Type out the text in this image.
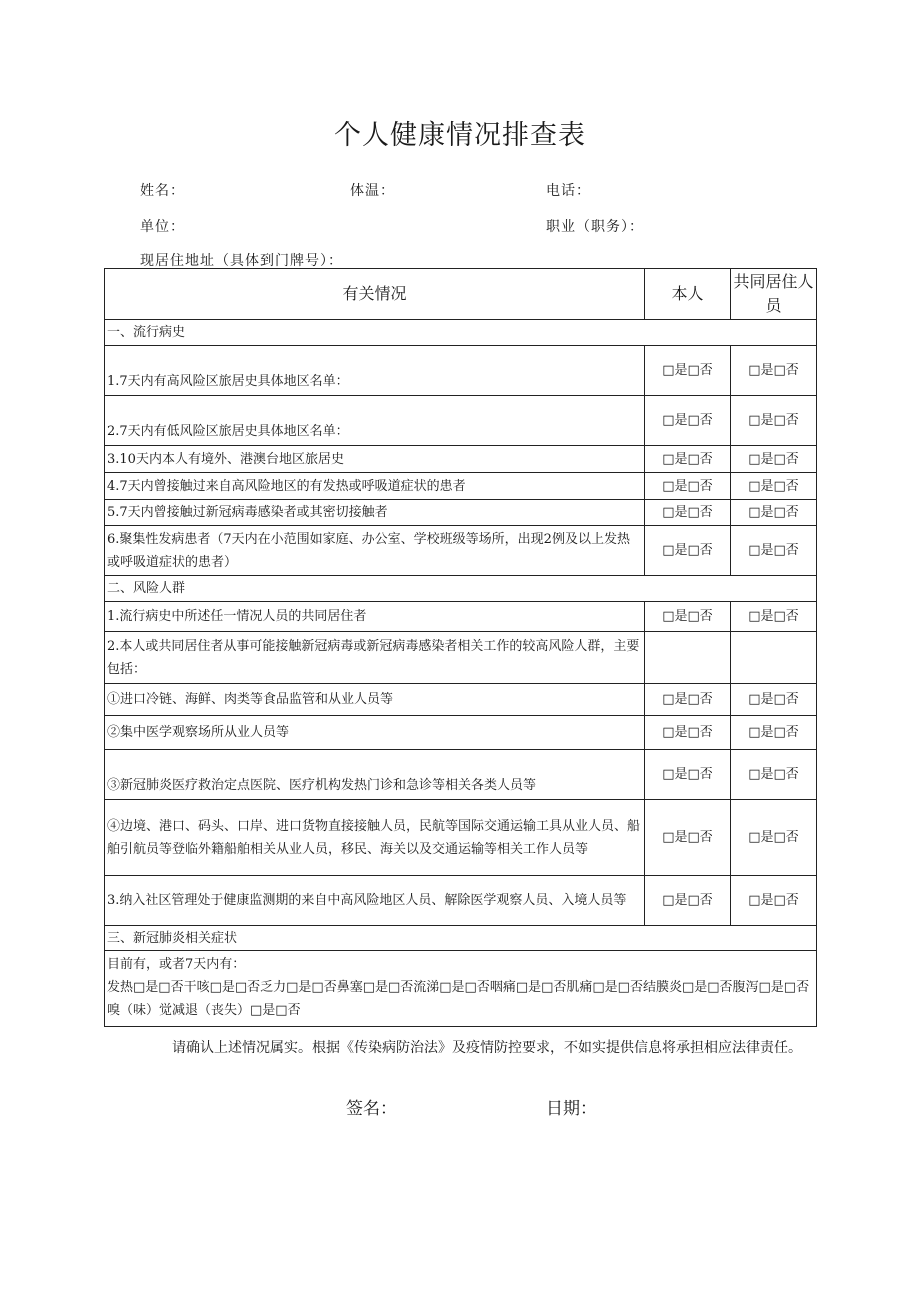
个人健康情况排查表
姓名：	体温：	电话：
单位：	职业（职务）：
现居住地址（具体到门牌号）：
有关情况	本人	共同居住人员
一、流行病史		
1.7天内有高风险区旅居史具体地区名单：	□是□否	□是□否
2.7天内有低风险区旅居史具体地区名单：	□是□否	□是□否
3.10天内本人有境外、港澳台地区旅居史	□是□否	□是□否
4.7天内曾接触过来自高风险地区的有发热或呼吸道症状的患者	□是□否	□是□否
5.7天内曾接触过新冠病毒感染者或其密切接触者	□是□否	□是□否
6.聚集性发病患者（7天内在小范围如家庭、办公室、学校班级等场所，出现2例及以上发热或呼吸道症状的患者）	□是□否	□是□否
二、风险人群		
1.流行病史中所述任一情况人员的共同居住者	□是□否	□是□否
2.本人或共同居住者从事可能接触新冠病毒或新冠病毒感染者相关工作的较高风险人群，主要包括：		
①进口冷链、海鲜、肉类等食品监管和从业人员等	□是□否	□是□否
②集中医学观察场所从业人员等	□是□否	□是□否
③新冠肺炎医疗救治定点医院、医疗机构发热门诊和急诊等相关各类人员等	□是□否	□是□否
④边境、港口、码头、口岸、进口货物直接接触人员，民航等国际交通运输工具从业人员、船舶引航员等登临外籍船舶相关从业人员，移民、海关以及交通运输等相关工作人员等	□是□否	□是□否
3.纳入社区管理处于健康监测期的来自中高风险地区人员、解除医学观察人员、入境人员等	□是□否	□是□否
三、新冠肺炎相关症状		

目前有，或者7天内有：
发热□是□否干咳□是□否乏力□是□否鼻塞□是□否流涕□是□否咽痛□是□否肌痛□是□否结膜炎□是□否腹泻□是□否嗅（味）觉减退（丧失）□是□否		
请确认上述情况属实。根据《传染病防治法》及疫情防控要求，不如实提供信息将承担相应法律责任。
签名：	日期：
